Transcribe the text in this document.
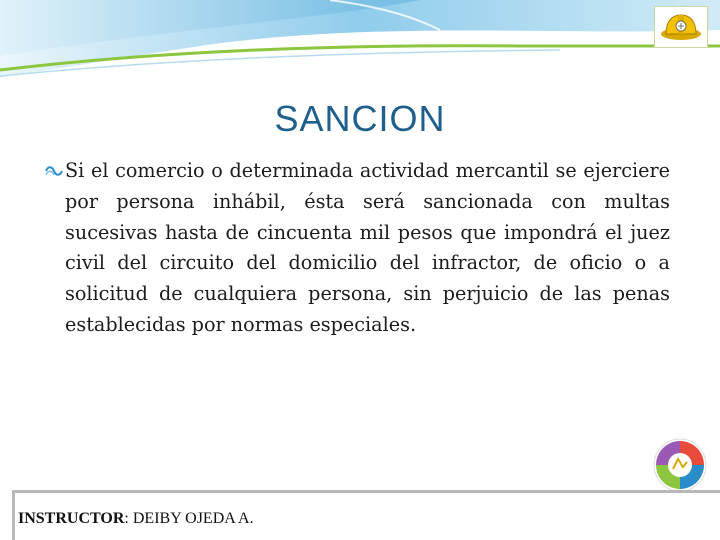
SANCION
Si el comercio o determinada actividad mercantil se ejerciere por persona inhábil, ésta será sancionada con multas sucesivas hasta de cincuenta mil pesos que impondrá el juez civil del circuito del domicilio del infractor, de oficio o a solicitud de cualquiera persona, sin perjuicio de las penas establecidas por normas especiales.
INSTRUCTOR: DEIBY OJEDA A.
